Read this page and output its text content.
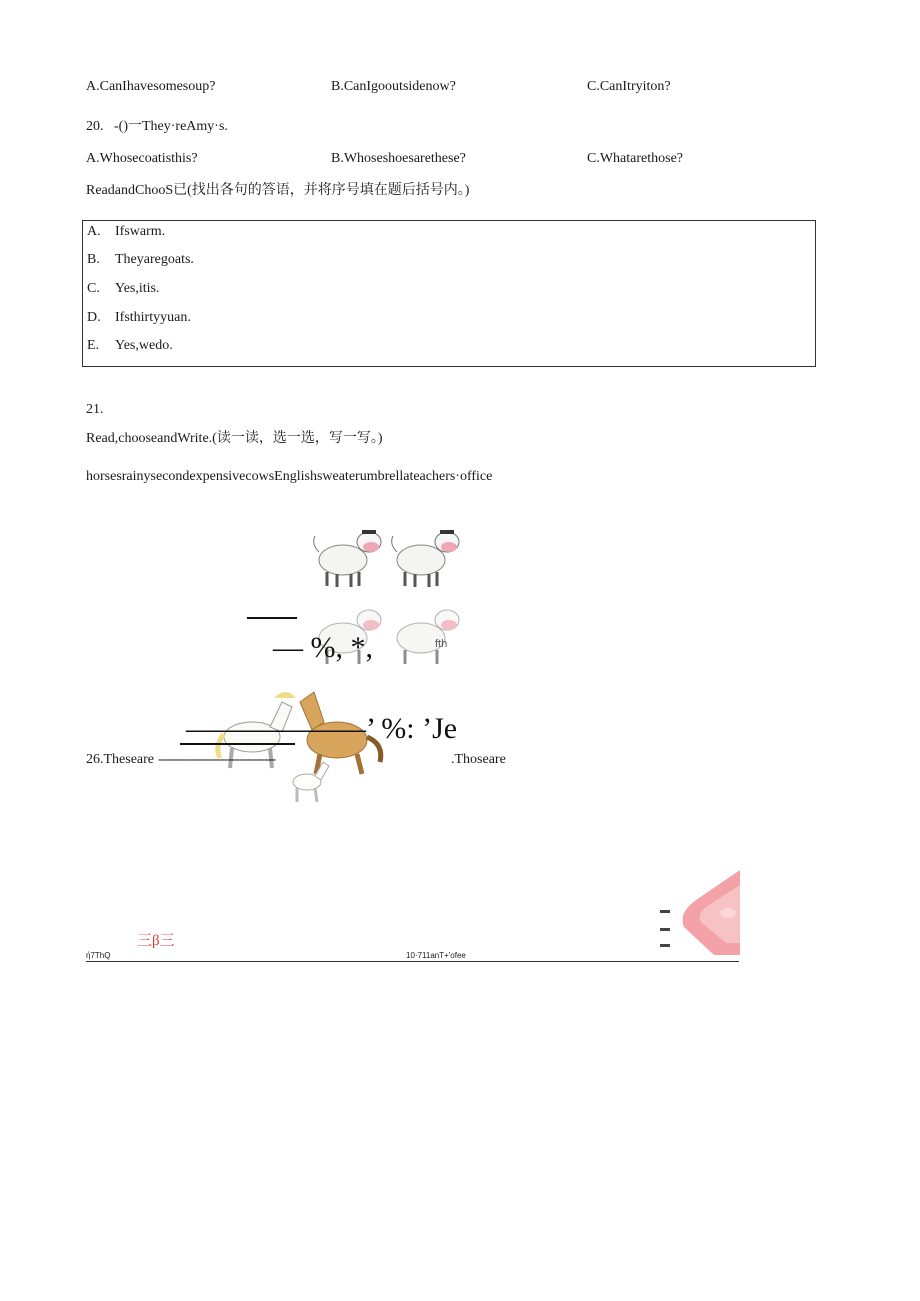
A.CanIhavesomesoup?	B.CanIgooutsidenow?	C.CanItryiton?
20.   -()一They·reAmy·s.
A.Whosecoatisthis?	B.Whoseshoesarethese?	C.Whatarethose?
ReadandChooS已(找出各句的答语，并将序号填在题后括号内。)
A. Ifswarm.
B. Theyaregoats.
C. Yes,itis.
D. Ifsthirtyyuan.
E. Yes,wedo.
21.
Read,chooseandWrite.(读一读，选一选，写一写。)
horsesrainysecondexpensivecowsEnglishsweaterumbrellateachers·office
fth
— %, *,
——————’ %: ’Je
26.Theseare --------------------------------	.Thoseare
三β三
ή7ThQ	10·711anT+'ofee
